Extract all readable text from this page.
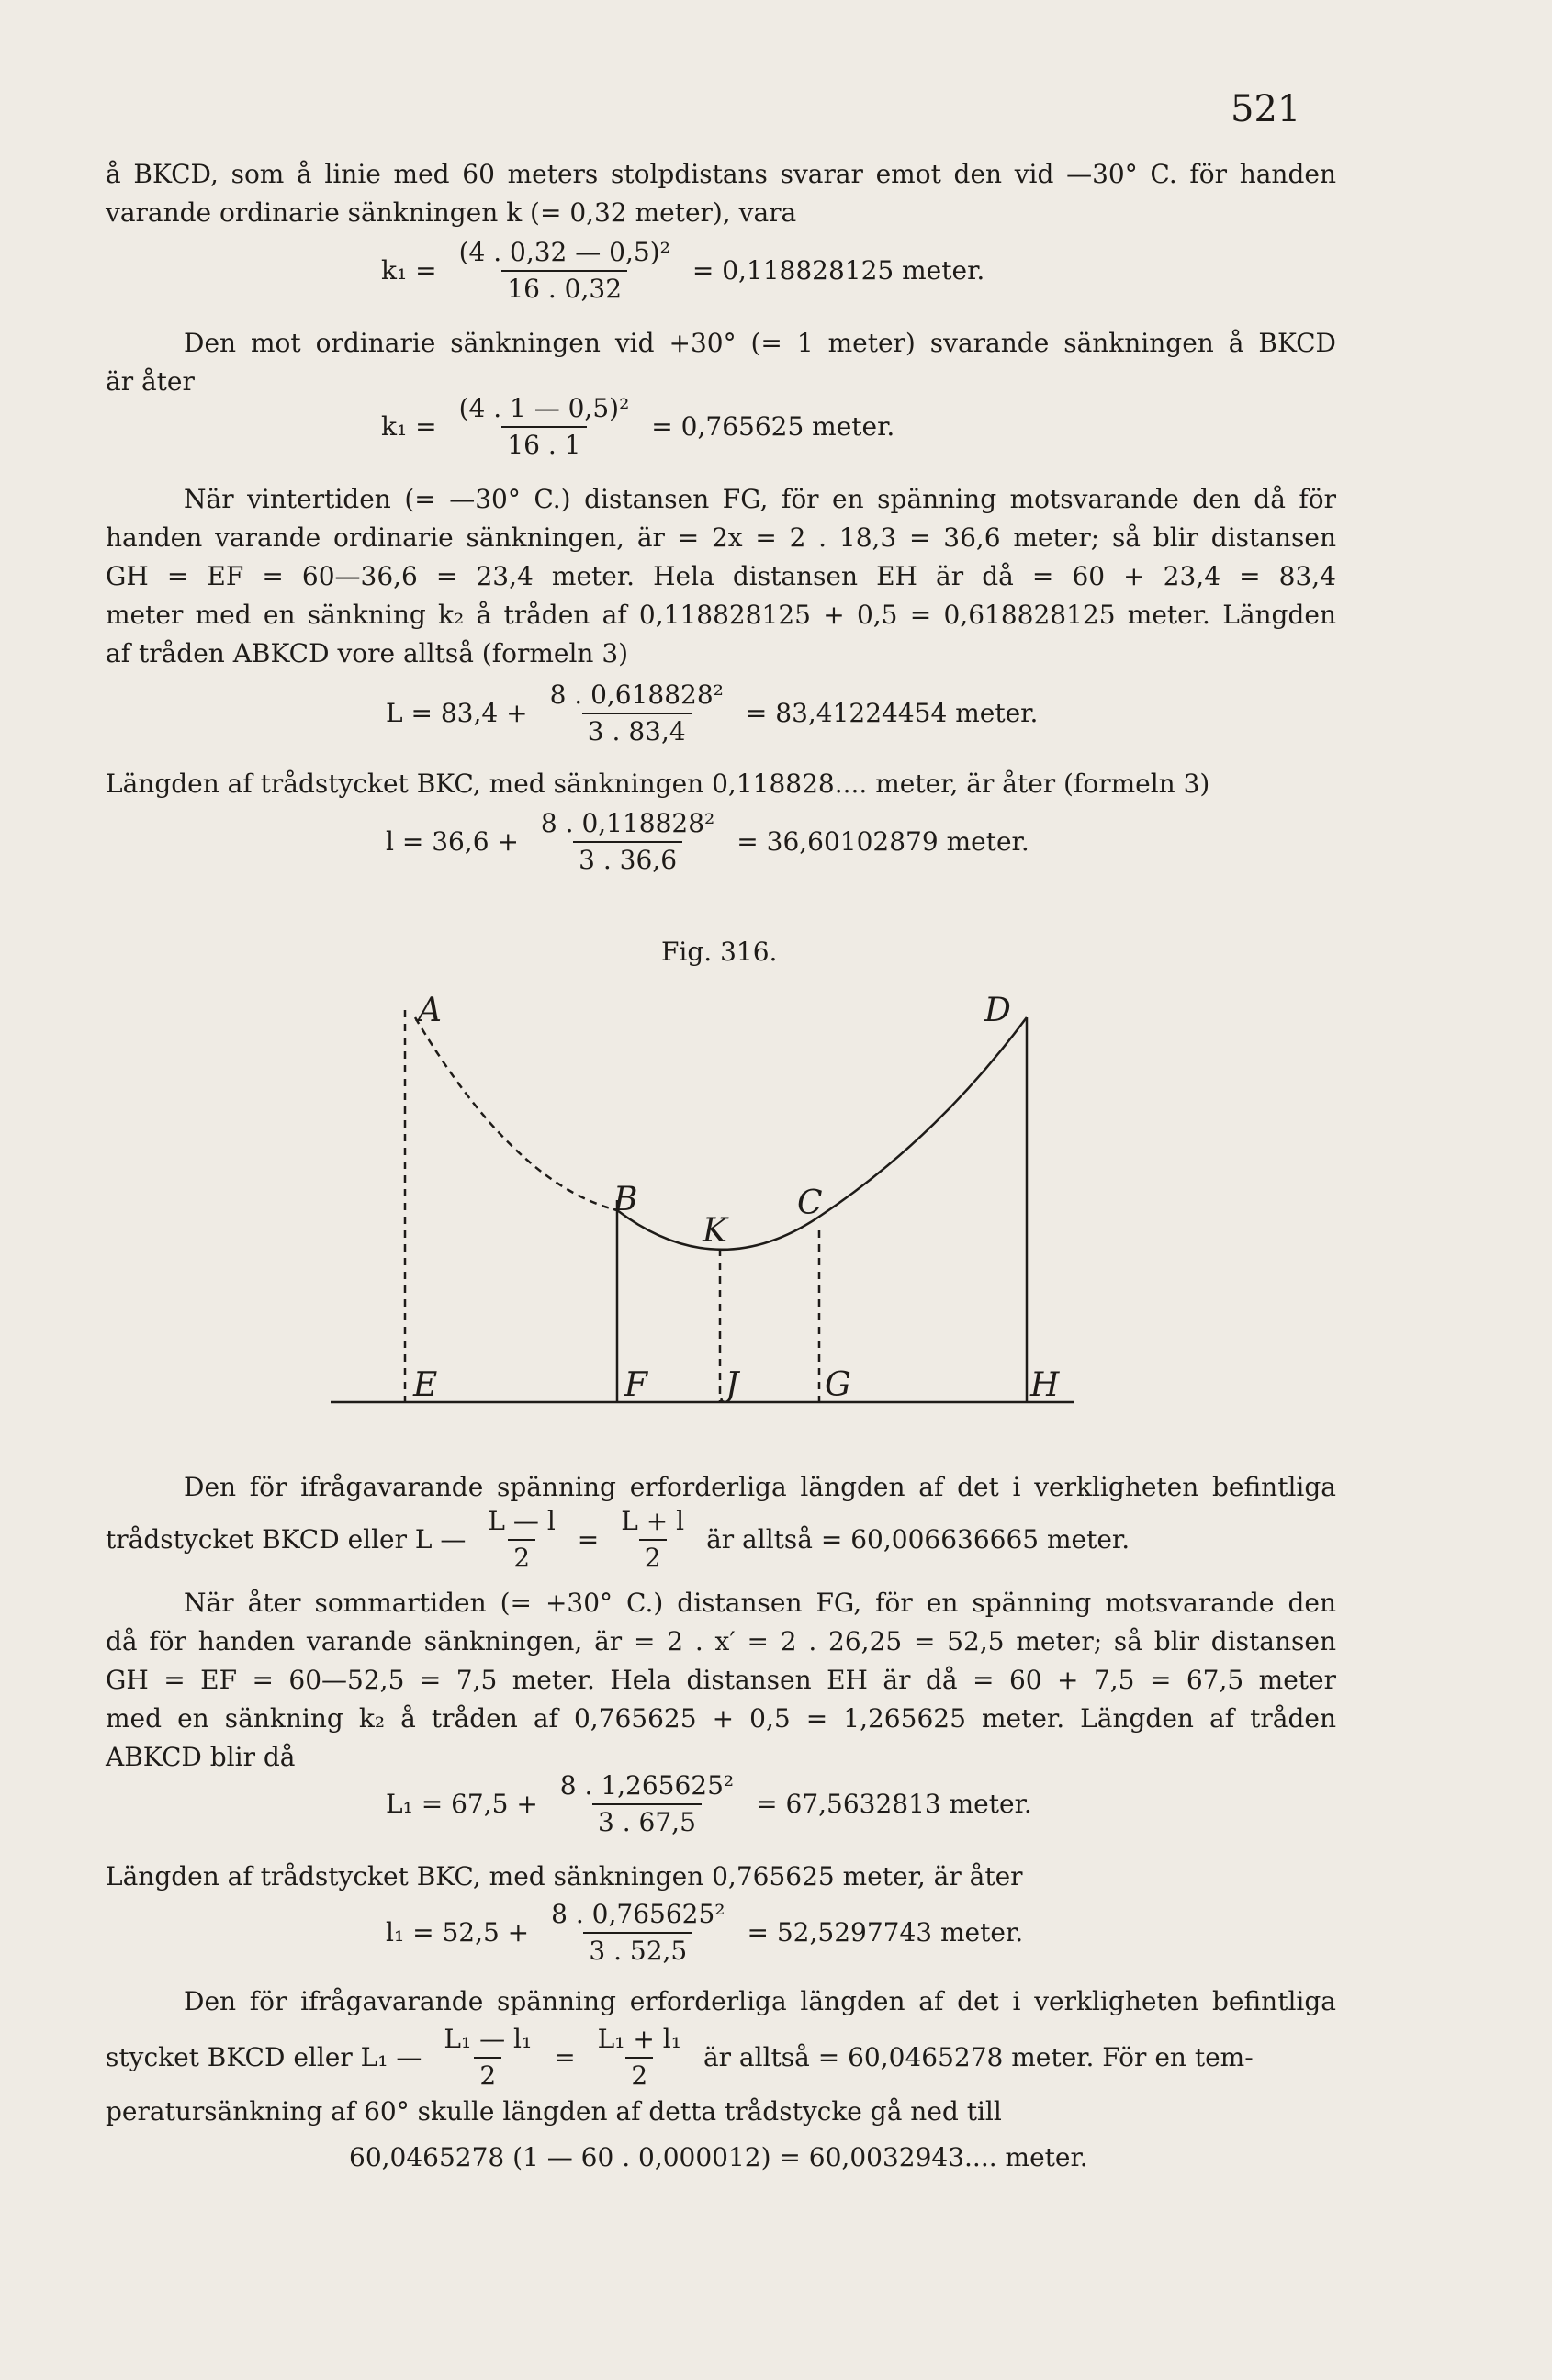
521
å BKCD, som å linie med 60 meters stolpdistans svarar emot den vid —30° C. för handen
varande ordinarie sänkningen k (= 0,32 meter), vara
$k_1 = \frac{\text{(4 . 0,32 — 0,5)²}}{16 . 0,32} = 0,118828125$ meter.
Den mot ordinarie sänkningen vid +30° (= 1 meter) svarande sänkningen å BKCD
är åter
$k_1 = \frac{\text{(4 . 1 — 0,5)²}}{16 . 1} = 0,765625$ meter.
När vintertiden (= —30° C.) distansen FG, för en spänning motsvarande den då för
handen varande ordinarie sänkningen, är = 2x = 2 . 18,3 = 36,6 meter; så blir distansen
GH = EF = 60—36,6 = 23,4 meter. Hela distansen EH är då = 60 + 23,4 = 83,4
meter med en sänkning k₂ å tråden af 0,118828125 + 0,5 = 0,618828125 meter. Längden
af tråden ABKCD vore alltså (formeln 3)
$L = 83,4 + \frac{\text{8 . 0,618828²}}{3 . 83,4} = 83,41224454$ meter.
Längden af trådstycket BKC, med sänkningen 0,118828.... meter, är åter (formeln 3)
$l = 36,6 + \frac{\text{8 . 0,118828²}}{3 . 36,6} = 36,60102879$ meter.
Fig. 316.
A	D
B
K
C
E	F J	G	H
Den för ifrågavarande spänning erforderliga längden af det i verkligheten befintliga
trådstycket BKCD eller L — $\frac{L — l}{2} = \frac{L + l}{2}$ är alltså = 60,006636665 meter.
När åter sommartiden (= +30° C.) distansen FG, för en spänning motsvarande den
då för handen varande sänkningen, är = 2 . x′ = 2 . 26,25 = 52,5 meter; så blir distansen
GH = EF = 60—52,5 = 7,5 meter. Hela distansen EH är då = 60 + 7,5 = 67,5 meter
med en sänkning k₂ å tråden af 0,765625 + 0,5 = 1,265625 meter. Längden af tråden
ABKCD blir då
$L_1 = 67,5 + \frac{\text{8 . 1,265625²}}{3 . 67,5} = 67,5632813$ meter.
Längden af trådstycket BKC, med sänkningen 0,765625 meter, är åter
$l_1 = 52,5 + \frac{\text{8 . 0,765625²}}{3 . 52,5} = 52,5297743$ meter.
Den för ifrågavarande spänning erforderliga längden af det i verkligheten befintliga
stycket BKCD eller L₁ — $\frac{\text{L₁ — l₁}}{2} = \frac{\text{L₁ + l₁}}{2}$ är alltså = 60,0465278 meter. För en tem-
peratursänkning af 60° skulle längden af detta trådstycke gå ned till
60,0465278 (1 — 60 . 0,000012) = 60,0032943.... meter.
